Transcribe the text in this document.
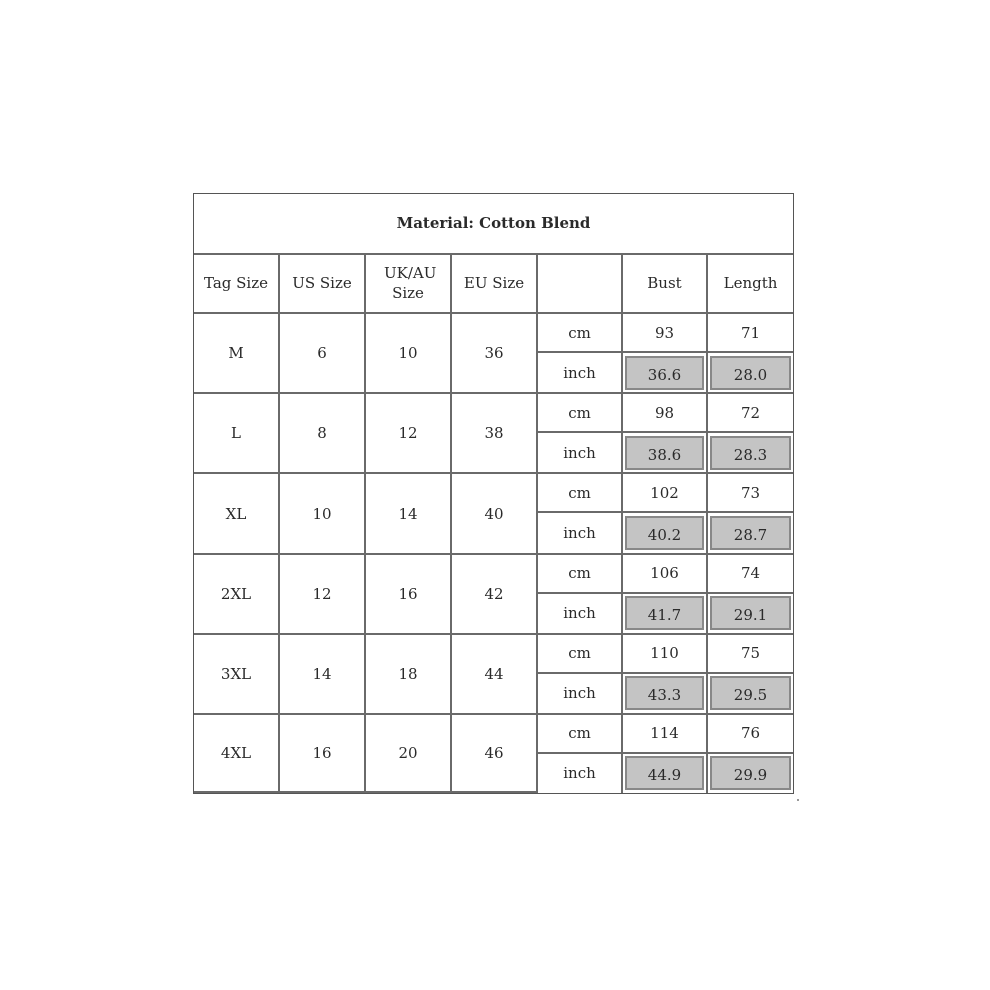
Material: Cotton Blend						
Tag Size	US Size	UK/AU Size	EU Size		Bust	Length
M	6	10	36	cm	93	71
				inch	36.6	28.0

L	8	12	38	cm	98	72
				inch	38.6	28.3

XL	10	14	40	cm	102	73
				inch	40.2	28.7

2XL	12	16	42	cm	106	74
				inch	41.7	29.1

3XL	14	18	44	cm	110	75
				inch	43.3	29.5

4XL	16	20	46	cm	114	76
				inch	44.9	29.9
